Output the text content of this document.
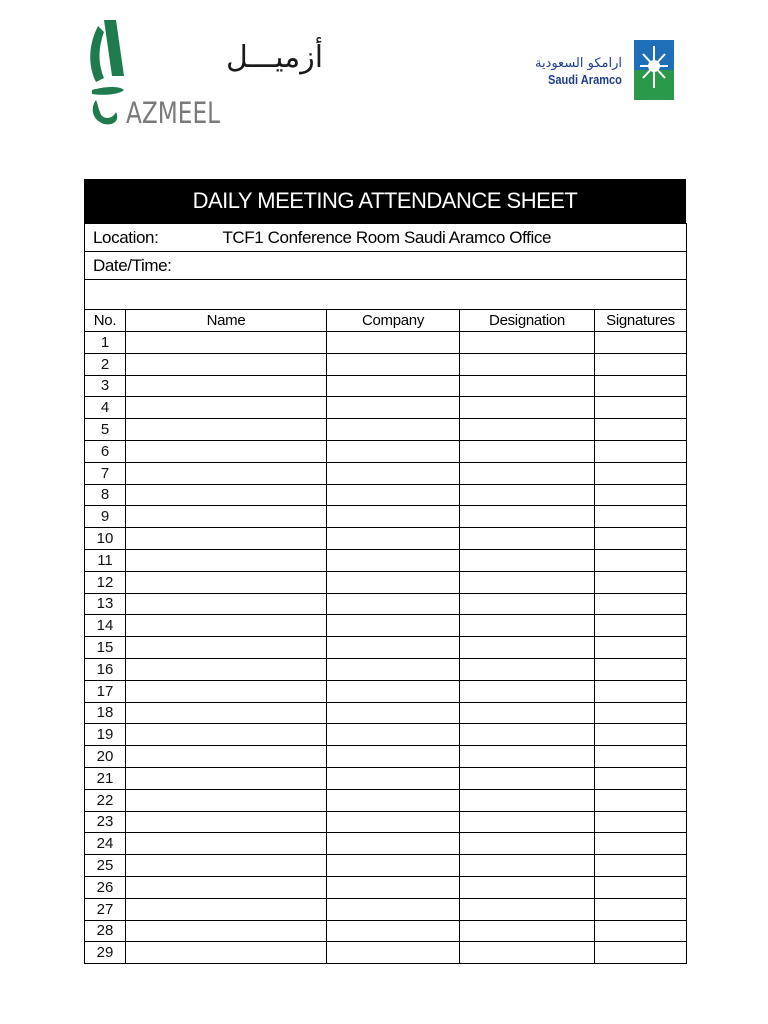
أزميـــل
AZMEEL
ارامكو السعودية
Saudi Aramco
DAILY MEETING ATTENDANCE SHEET
Location: TCF1 Conference Room Saudi Aramco Office				
Date/Time:				

No.	Name	Company	Designation	Signatures
1				
2				
3				
4				
5				
6				
7				
8				
9				
10				
11				
12				
13				
14				
15				
16				
17				
18				
19				
20				
21				
22				
23				
24				
25				
26				
27				
28				
29				
